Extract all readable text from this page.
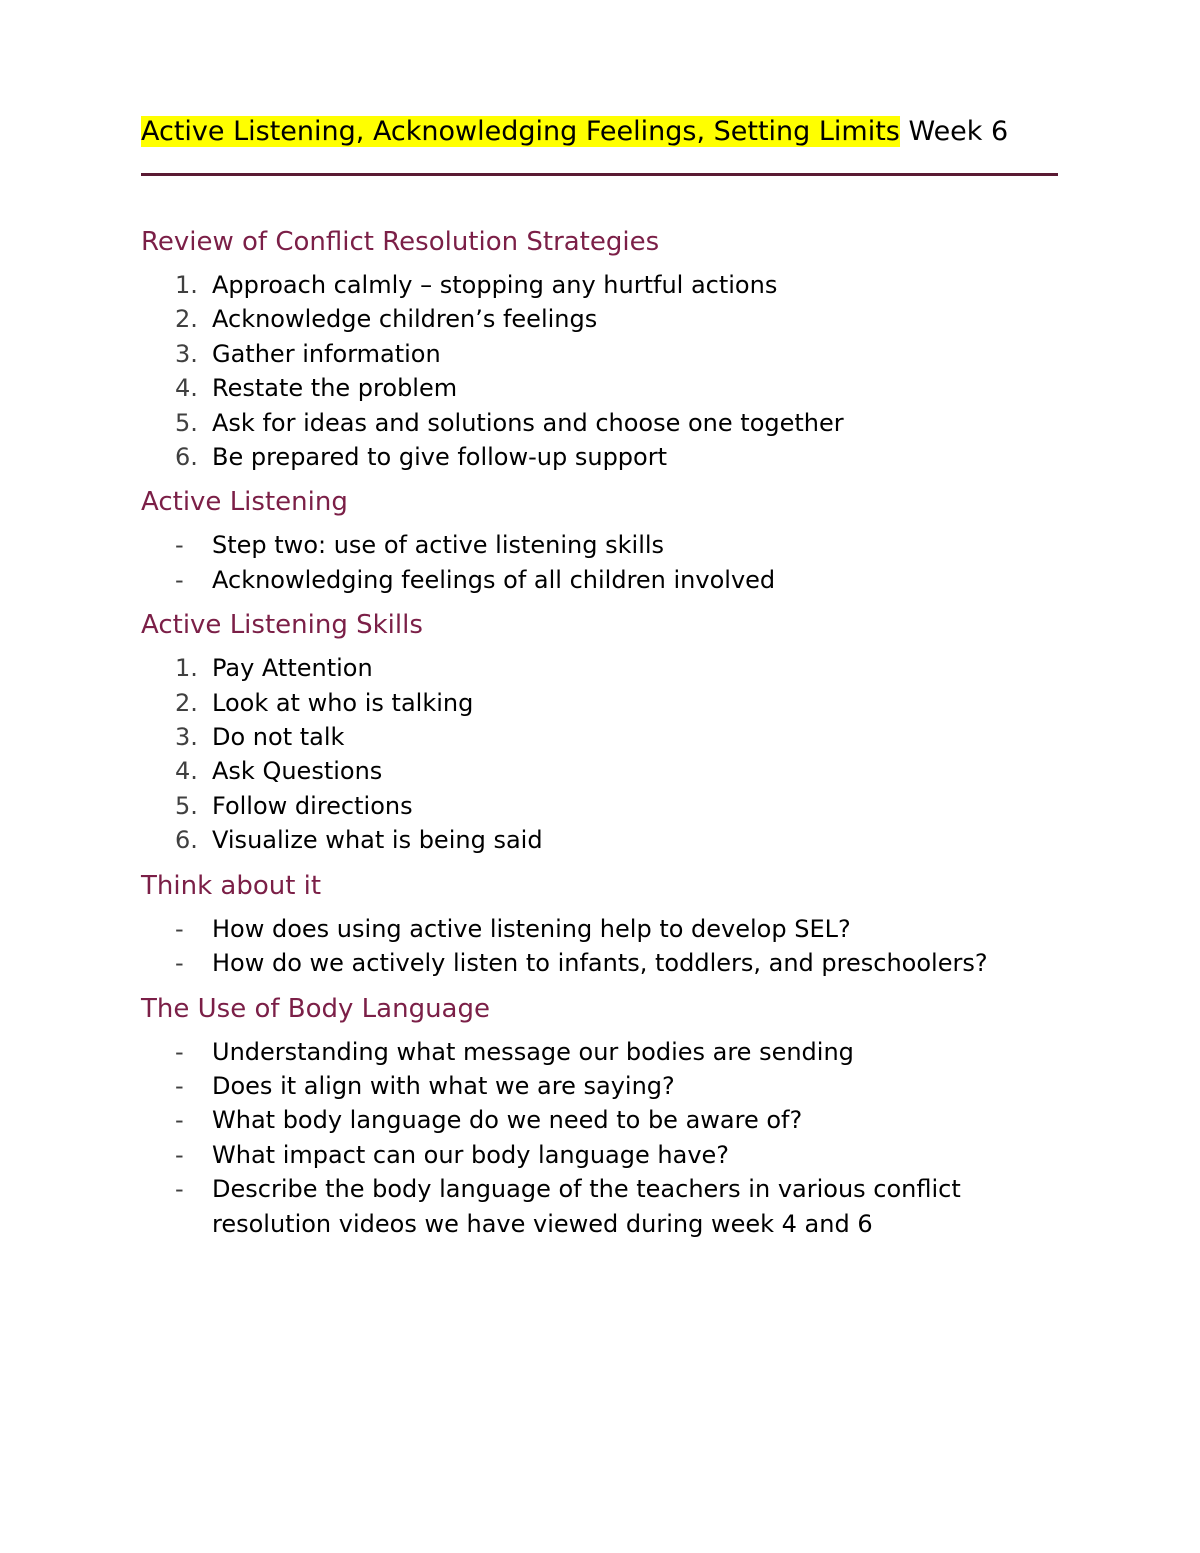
Active Listening, Acknowledging Feelings, Setting Limits Week 6
Review of Conflict Resolution Strategies
1. Approach calmly – stopping any hurtful actions
2. Acknowledge children’s feelings
3. Gather information
4. Restate the problem
5. Ask for ideas and solutions and choose one together
6. Be prepared to give follow-up support
Active Listening
-	Step two: use of active listening skills
-	Acknowledging feelings of all children involved
Active Listening Skills
1. Pay Attention
2. Look at who is talking
3. Do not talk
4. Ask Questions
5. Follow directions
6. Visualize what is being said
Think about it
-	How does using active listening help to develop SEL?
-	How do we actively listen to infants, toddlers, and preschoolers?
The Use of Body Language
-	Understanding what message our bodies are sending
-	Does it align with what we are saying?
-	What body language do we need to be aware of?
-	What impact can our body language have?
-	Describe the body language of the teachers in various conflict resolution videos we have viewed during week 4 and 6
